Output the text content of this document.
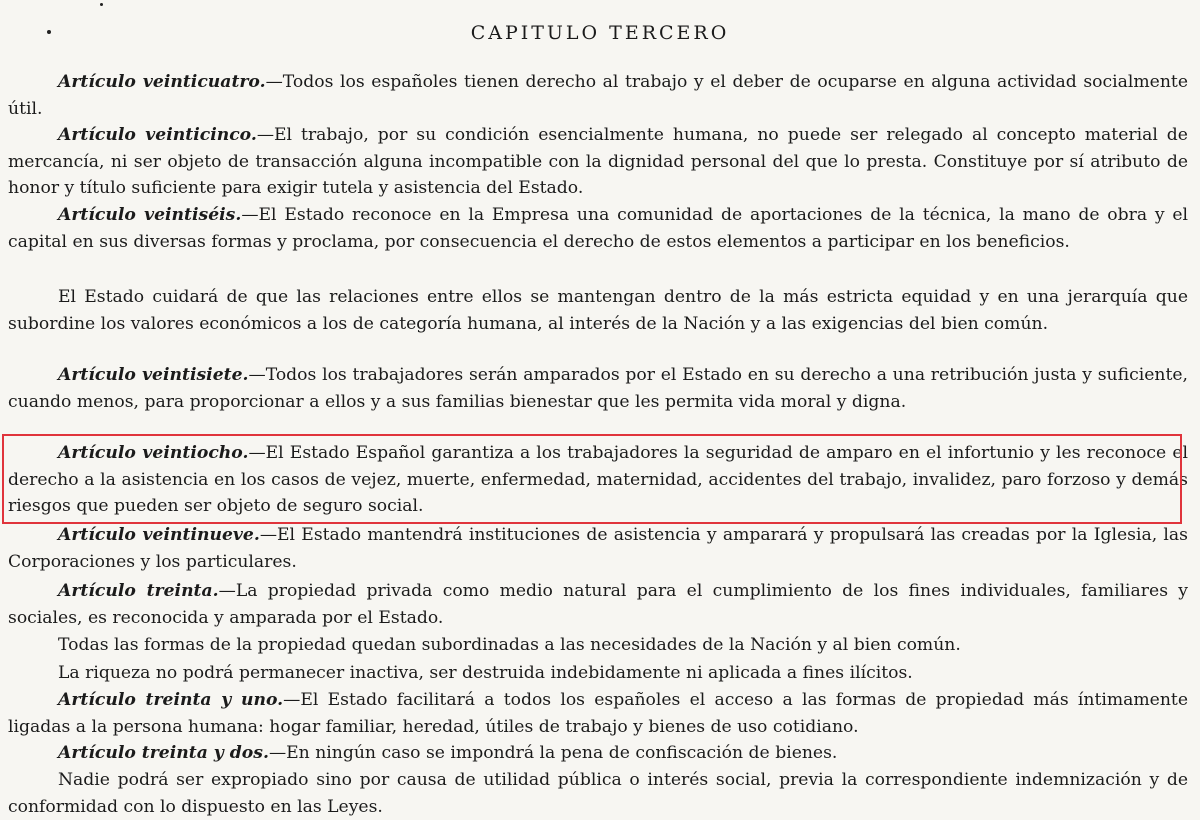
CAPITULO TERCERO

Artículo veinticuatro.—Todos los españoles tienen derecho al trabajo y el deber de ocuparse en alguna actividad socialmente útil.

Artículo veinticinco.—El trabajo, por su condición esencialmente humana, no puede ser relegado al concepto material de mercancía, ni ser objeto de transacción alguna incompatible con la dignidad personal del que lo presta. Constituye por sí atributo de honor y título suficiente para exigir tutela y asistencia del Estado.

Artículo veintiséis.—El Estado reconoce en la Empresa una comunidad de aportaciones de la técnica, la mano de obra y el capital en sus diversas formas y proclama, por consecuencia el derecho de estos elementos a participar en los beneficios.

El Estado cuidará de que las relaciones entre ellos se mantengan dentro de la más estricta equidad y en una jerarquía que subordine los valores económicos a los de categoría humana, al interés de la Nación y a las exigencias del bien común.

Artículo veintisiete.—Todos los trabajadores serán amparados por el Estado en su derecho a una retribución justa y suficiente, cuando menos, para proporcionar a ellos y a sus familias bienestar que les permita vida moral y digna.

Artículo veintiocho.—El Estado Español garantiza a los trabajadores la seguridad de amparo en el infortunio y les reconoce el derecho a la asistencia en los casos de vejez, muerte, enfermedad, maternidad, accidentes del trabajo, invalidez, paro forzoso y demás riesgos que pueden ser objeto de seguro social.

Artículo veintinueve.—El Estado mantendrá instituciones de asistencia y amparará y propulsará las creadas por la Iglesia, las Corporaciones y los particulares.

Artículo treinta.—La propiedad privada como medio natural para el cumplimiento de los fines individuales, familiares y sociales, es reconocida y amparada por el Estado.

Todas las formas de la propiedad quedan subordinadas a las necesidades de la Nación y al bien común.

La riqueza no podrá permanecer inactiva, ser destruida indebidamente ni aplicada a fines ilícitos.

Artículo treinta y uno.—El Estado facilitará a todos los españoles el acceso a las formas de propiedad más íntimamente ligadas a la persona humana: hogar familiar, heredad, útiles de trabajo y bienes de uso cotidiano.

Artículo treinta y dos.—En ningún caso se impondrá la pena de confiscación de bienes.

Nadie podrá ser expropiado sino por causa de utilidad pública o interés social, previa la correspondiente indemnización y de conformidad con lo dispuesto en las Leyes.
